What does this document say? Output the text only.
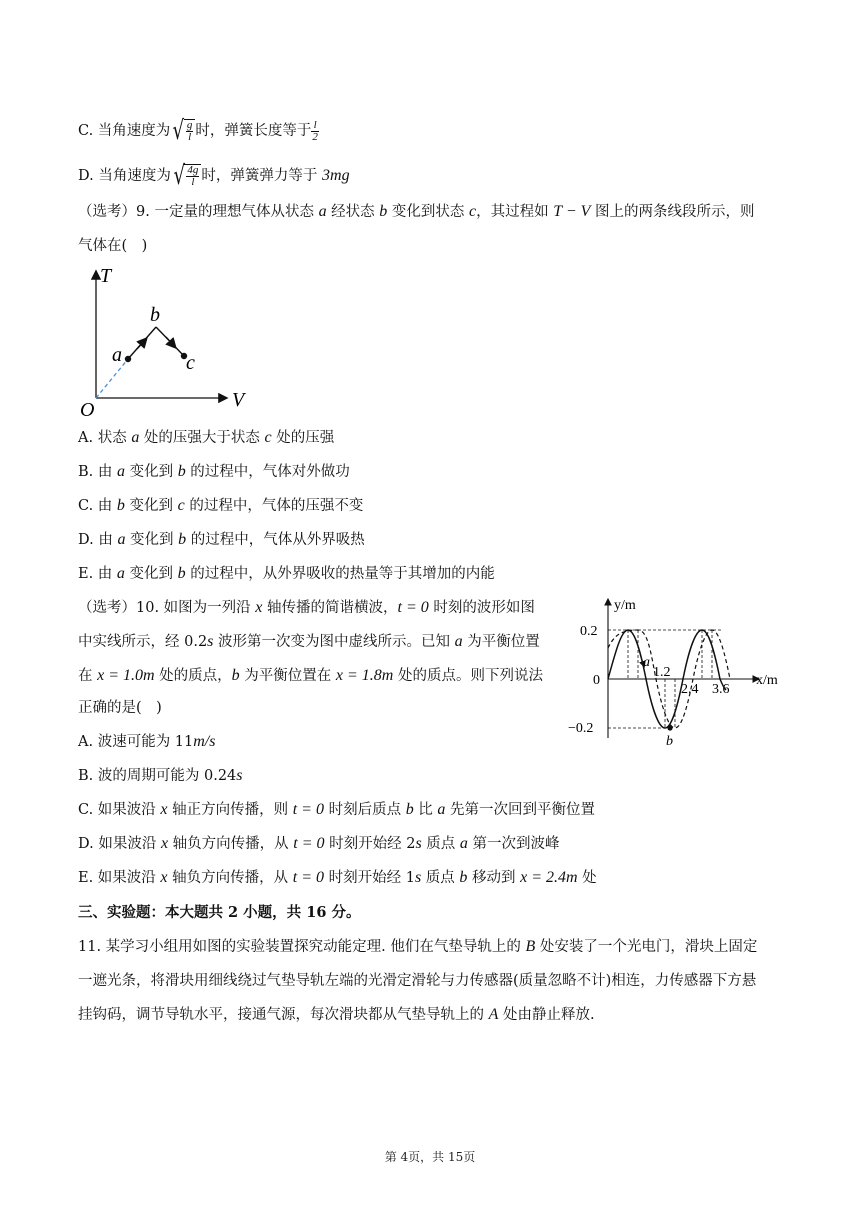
C. 当角速度为 √ $\frac{g}{l}$ 时，弹簧长度等于 $\frac{l}{2}$
D. 当角速度为 √ $\frac{4g}{l}$ 时，弹簧弹力等于 3mg
（选考）9. 一定量的理想气体从状态 a 经状态 b 变化到状态 c，其过程如 T − V 图上的两条线段所示，则
气体在(　)
T
V
O
a
b
c
A. 状态 a 处的压强大于状态 c 处的压强
B. 由 a 变化到 b 的过程中，气体对外做功
C. 由 b 变化到 c 的过程中，气体的压强不变
D. 由 a 变化到 b 的过程中，气体从外界吸热
E. 由 a 变化到 b 的过程中，从外界吸收的热量等于其增加的内能
（选考）10. 如图为一列沿 x 轴传播的简谐横波，t = 0 时刻的波形如图
中实线所示，经 0.2s 波形第一次变为图中虚线所示。已知 a 为平衡位置
在 x = 1.0m 处的质点，b 为平衡位置在 x = 1.8m 处的质点。则下列说法
正确的是(　)
y/m
x/m
0.2
0
−0.2
1.2
2.4 3.6
a
b
A. 波速可能为 11m/s
B. 波的周期可能为 0.24s
C. 如果波沿 x 轴正方向传播，则 t = 0 时刻后质点 b 比 a 先第一次回到平衡位置
D. 如果波沿 x 轴负方向传播，从 t = 0 时刻开始经 2s 质点 a 第一次到波峰
E. 如果波沿 x 轴负方向传播，从 t = 0 时刻开始经 1s 质点 b 移动到 x = 2.4m 处
三、实验题：本大题共 2 小题，共 16 分。
11. 某学习小组用如图的实验装置探究动能定理. 他们在气垫导轨上的 B 处安装了一个光电门，滑块上固定
一遮光条，将滑块用细线绕过气垫导轨左端的光滑定滑轮与力传感器(质量忽略不计)相连，力传感器下方悬
挂钩码，调节导轨水平，接通气源，每次滑块都从气垫导轨上的 A 处由静止释放.
第 4页，共 15页
